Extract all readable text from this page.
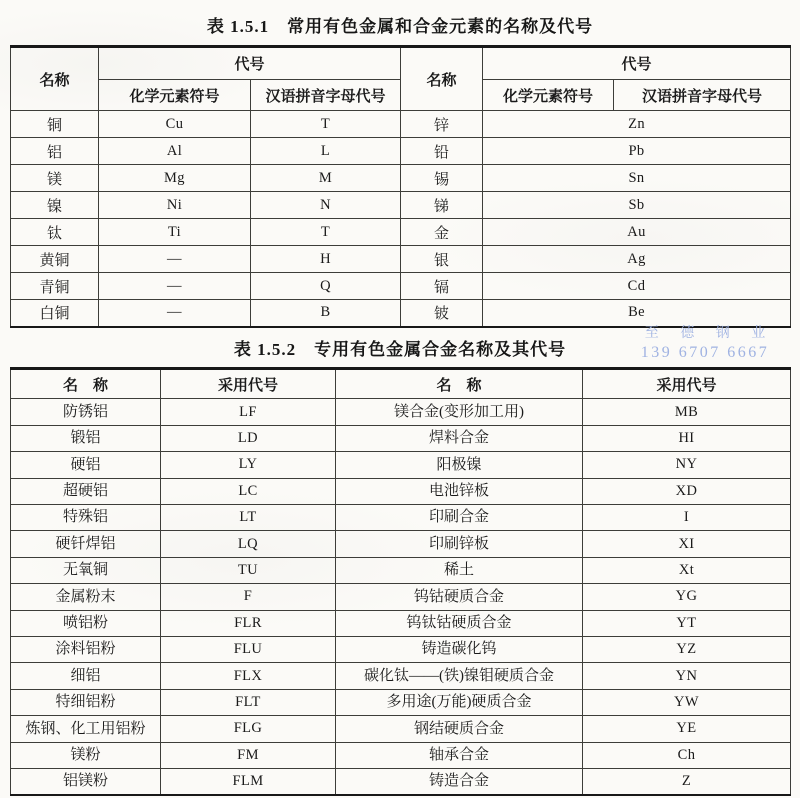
表 1.5.1　常用有色金属和合金元素的名称及代号
名称	代号		名称	代号	
	化学元素符号	汉语拼音字母代号		化学元素符号	汉语拼音字母代号
铜	Cu	T	锌	Zn	
铝	Al	L	铅	Pb	
镁	Mg	M	锡	Sn	
镍	Ni	N	锑	Sb	
钛	Ti	T	金	Au	
黄铜	—	H	银	Ag	
青铜	—	Q	镉	Cd	
白铜	—	B	铍	Be	
表 1.5.2　专用有色金属合金名称及其代号
至 德 钢 业
139 6707 6667
名　称	采用代号	名　称	采用代号
防锈铝	LF	镁合金(变形加工用)	MB
锻铝	LD	焊料合金	HI
硬铝	LY	阳极镍	NY
超硬铝	LC	电池锌板	XD
特殊铝	LT	印刷合金	I
硬钎焊铝	LQ	印刷锌板	XI
无氧铜	TU	稀土	Xt
金属粉末	F	钨钴硬质合金	YG
喷铝粉	FLR	钨钛钴硬质合金	YT
涂料铝粉	FLU	铸造碳化钨	YZ
细铝	FLX	碳化钛——(铁)镍钼硬质合金	YN
特细铝粉	FLT	多用途(万能)硬质合金	YW
炼钢、化工用铝粉	FLG	钢结硬质合金	YE
镁粉	FM	轴承合金	Ch
铝镁粉	FLM	铸造合金	Z
